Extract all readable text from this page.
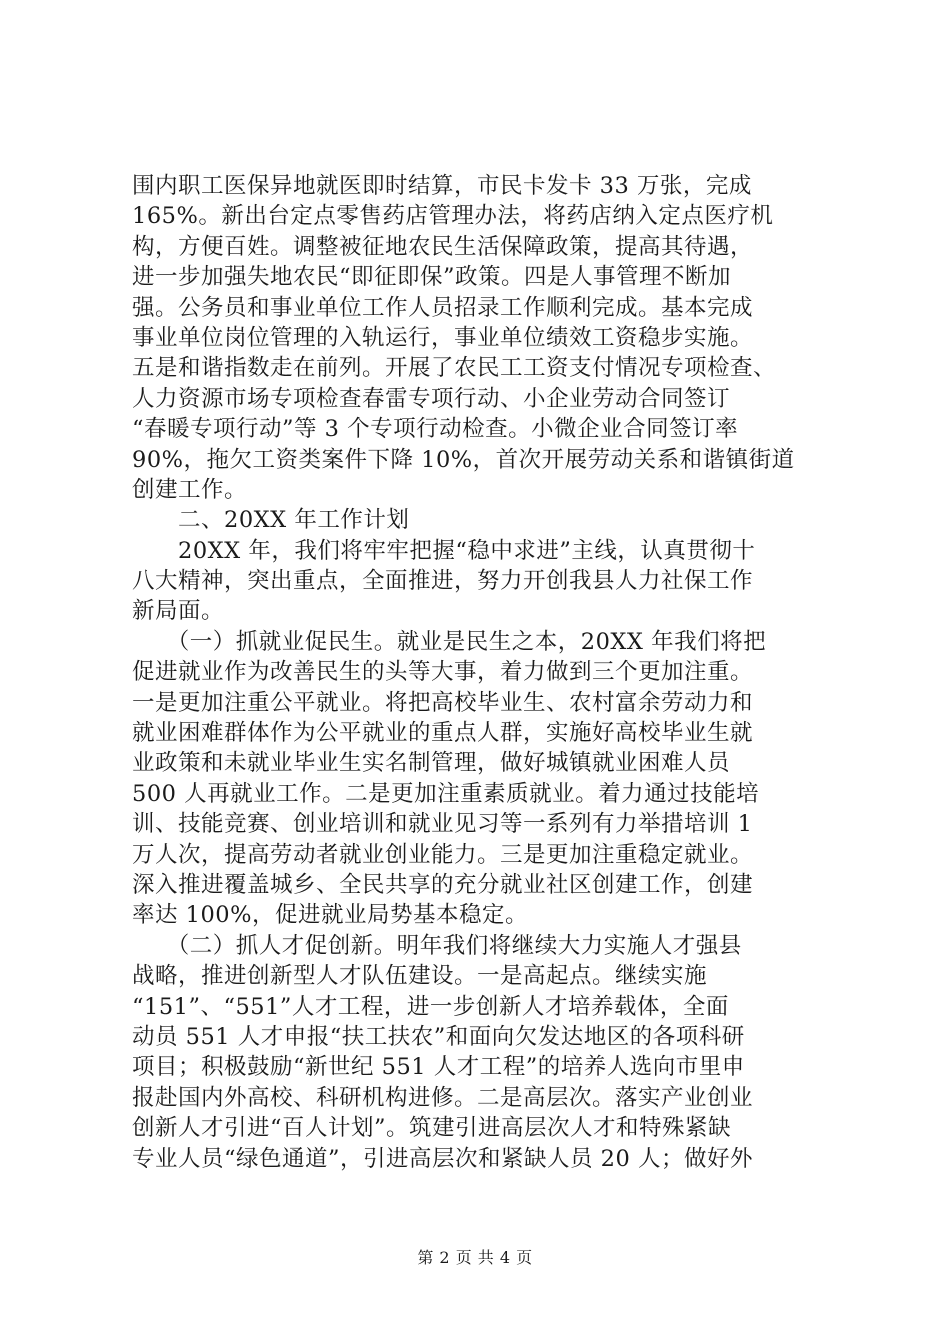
围内职工医保异地就医即时结算，市民卡发卡 33 万张，完成
165%。新出台定点零售药店管理办法，将药店纳入定点医疗机
构，方便百姓。调整被征地农民生活保障政策，提高其待遇，
进一步加强失地农民“即征即保”政策。四是人事管理不断加
强。公务员和事业单位工作人员招录工作顺利完成。基本完成
事业单位岗位管理的入轨运行，事业单位绩效工资稳步实施。
五是和谐指数走在前列。开展了农民工工资支付情况专项检查、
人力资源市场专项检查春雷专项行动、小企业劳动合同签订
“春暖专项行动”等 3 个专项行动检查。小微企业合同签订率
90%，拖欠工资类案件下降 10%，首次开展劳动关系和谐镇街道
创建工作。
　　二、20XX 年工作计划
　　20XX 年，我们将牢牢把握“稳中求进”主线，认真贯彻十
八大精神，突出重点，全面推进，努力开创我县人力社保工作
新局面。
　　（一）抓就业促民生。就业是民生之本，20XX 年我们将把
促进就业作为改善民生的头等大事，着力做到三个更加注重。
一是更加注重公平就业。将把高校毕业生、农村富余劳动力和
就业困难群体作为公平就业的重点人群，实施好高校毕业生就
业政策和未就业毕业生实名制管理，做好城镇就业困难人员
500 人再就业工作。二是更加注重素质就业。着力通过技能培
训、技能竞赛、创业培训和就业见习等一系列有力举措培训 1
万人次，提高劳动者就业创业能力。三是更加注重稳定就业。
深入推进覆盖城乡、全民共享的充分就业社区创建工作，创建
率达 100%，促进就业局势基本稳定。
　　（二）抓人才促创新。明年我们将继续大力实施人才强县
战略，推进创新型人才队伍建设。一是高起点。继续实施
“151”、“551”人才工程，进一步创新人才培养载体，全面
动员 551 人才申报“扶工扶农”和面向欠发达地区的各项科研
项目；积极鼓励“新世纪 551 人才工程”的培养人选向市里申
报赴国内外高校、科研机构进修。二是高层次。落实产业创业
创新人才引进“百人计划”。筑建引进高层次人才和特殊紧缺
专业人员“绿色通道”，引进高层次和紧缺人员 20 人；做好外
第 2 页 共 4 页
